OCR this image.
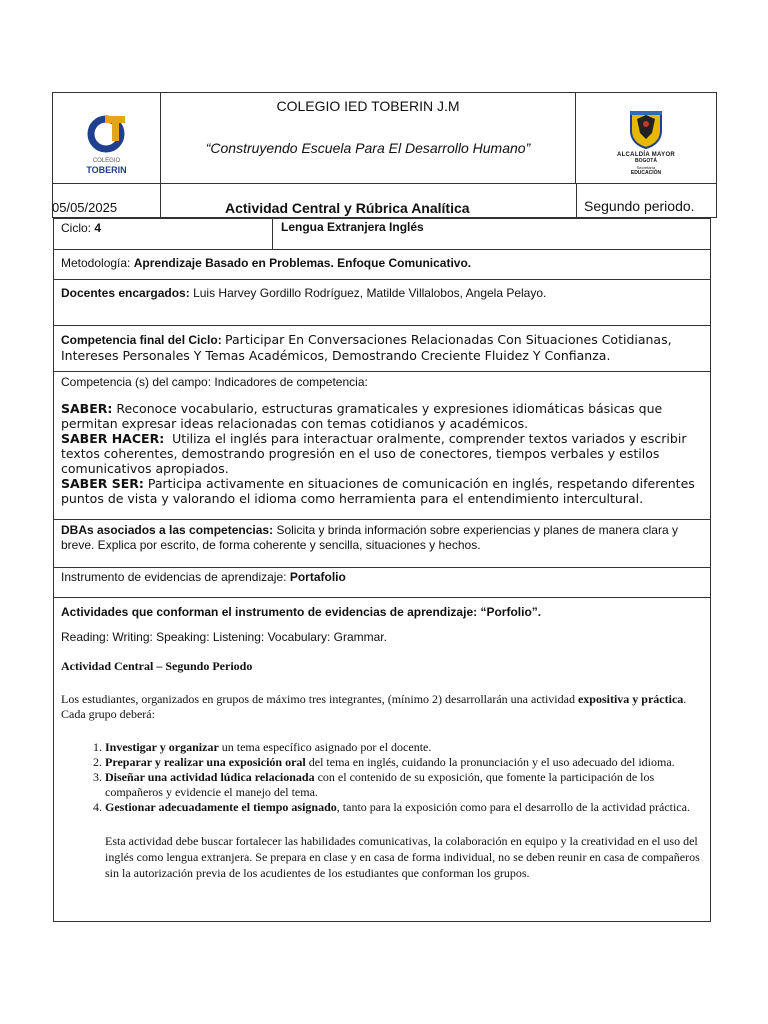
COLEGIO
TOBERIN
COLEGIO IED TOBERIN J.M
“Construyendo Escuela Para El Desarrollo Humano”	ALCALDÍA MAYOR
BOGOTÁ
Secretaría
EDUCACIÓN
05/05/2025	Actividad Central y Rúbrica Analítica	Segundo periodo.
Ciclo: 4	Lengua Extranjera Inglés
Metodología: Aprendizaje Basado en Problemas. Enfoque Comunicativo.
Docentes encargados: Luis Harvey Gordillo Rodríguez, Matilde Villalobos, Angela Pelayo.
Competencia final del Ciclo: Participar En Conversaciones Relacionadas Con Situaciones Cotidianas, Intereses Personales Y Temas Académicos, Demostrando Creciente Fluidez Y Confianza.

Competencia (s) del campo: Indicadores de competencia:

SABER: Reconoce vocabulario, estructuras gramaticales y expresiones idiomáticas básicas que permitan expresar ideas relacionadas con temas cotidianos y académicos.

SABER HACER: Utiliza el inglés para interactuar oralmente, comprender textos variados y escribir textos coherentes, demostrando progresión en el uso de conectores, tiempos verbales y estilos comunicativos apropiados.

SABER SER: Participa activamente en situaciones de comunicación en inglés, respetando diferentes puntos de vista y valorando el idioma como herramienta para el entendimiento intercultural.

DBAs asociados a las competencias: Solicita y brinda información sobre experiencias y planes de manera clara y breve. Explica por escrito, de forma coherente y sencilla, situaciones y hechos.
Instrumento de evidencias de aprendizaje: Portafolio

Actividades que conforman el instrumento de evidencias de aprendizaje: “Porfolio”.

Reading: Writing: Speaking: Listening: Vocabulary: Grammar.

Actividad Central – Segundo Periodo

Los estudiantes, organizados en grupos de máximo tres integrantes, (mínimo 2) desarrollarán una actividad expositiva y práctica. Cada grupo deberá:

1. Investigar y organizar un tema específico asignado por el docente.
2. Preparar y realizar una exposición oral del tema en inglés, cuidando la pronunciación y el uso adecuado del idioma.
3. Diseñar una actividad lúdica relacionada con el contenido de su exposición, que fomente la participación de los compañeros y evidencie el manejo del tema.
4. Gestionar adecuadamente el tiempo asignado, tanto para la exposición como para el desarrollo de la actividad práctica.

Esta actividad debe buscar fortalecer las habilidades comunicativas, la colaboración en equipo y la creatividad en el uso del inglés como lengua extranjera. Se prepara en clase y en casa de forma individual, no se deben reunir en casa de compañeros sin la autorización previa de los acudientes de los estudiantes que conforman los grupos.
